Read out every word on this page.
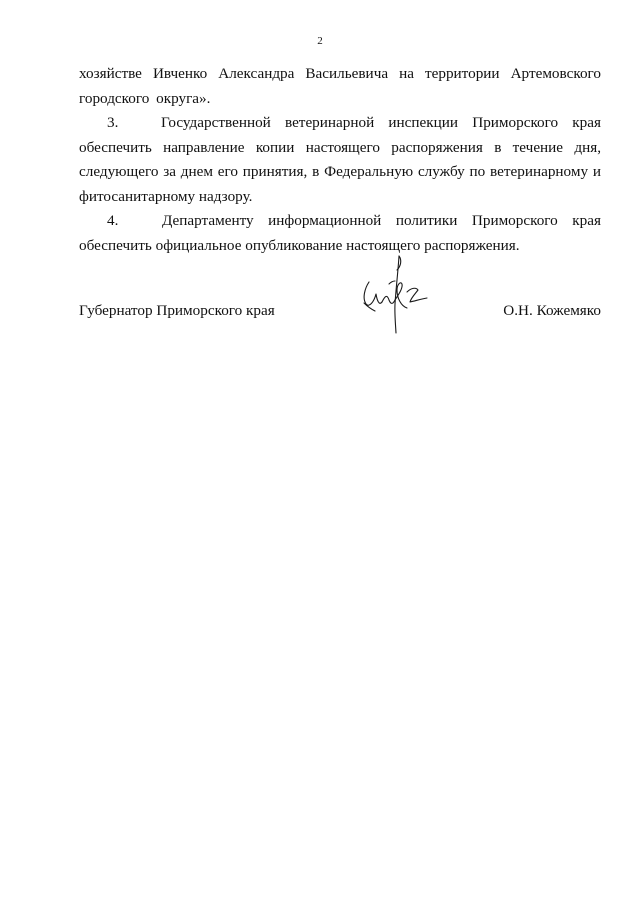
2

хозяйстве Ивченко Александра Васильевича на территории Артемовского городского округа».

3.   Государственной ветеринарной инспекции Приморского края обеспечить направление копии настоящего распоряжения в течение дня, следующего за днем его принятия, в Федеральную службу по ветеринарному и фитосанитарному надзору.

4.   Департаменту информационной политики Приморского края обеспечить официальное опубликование настоящего распоряжения.

Губернатор Приморского края	О.Н. Кожемяко
